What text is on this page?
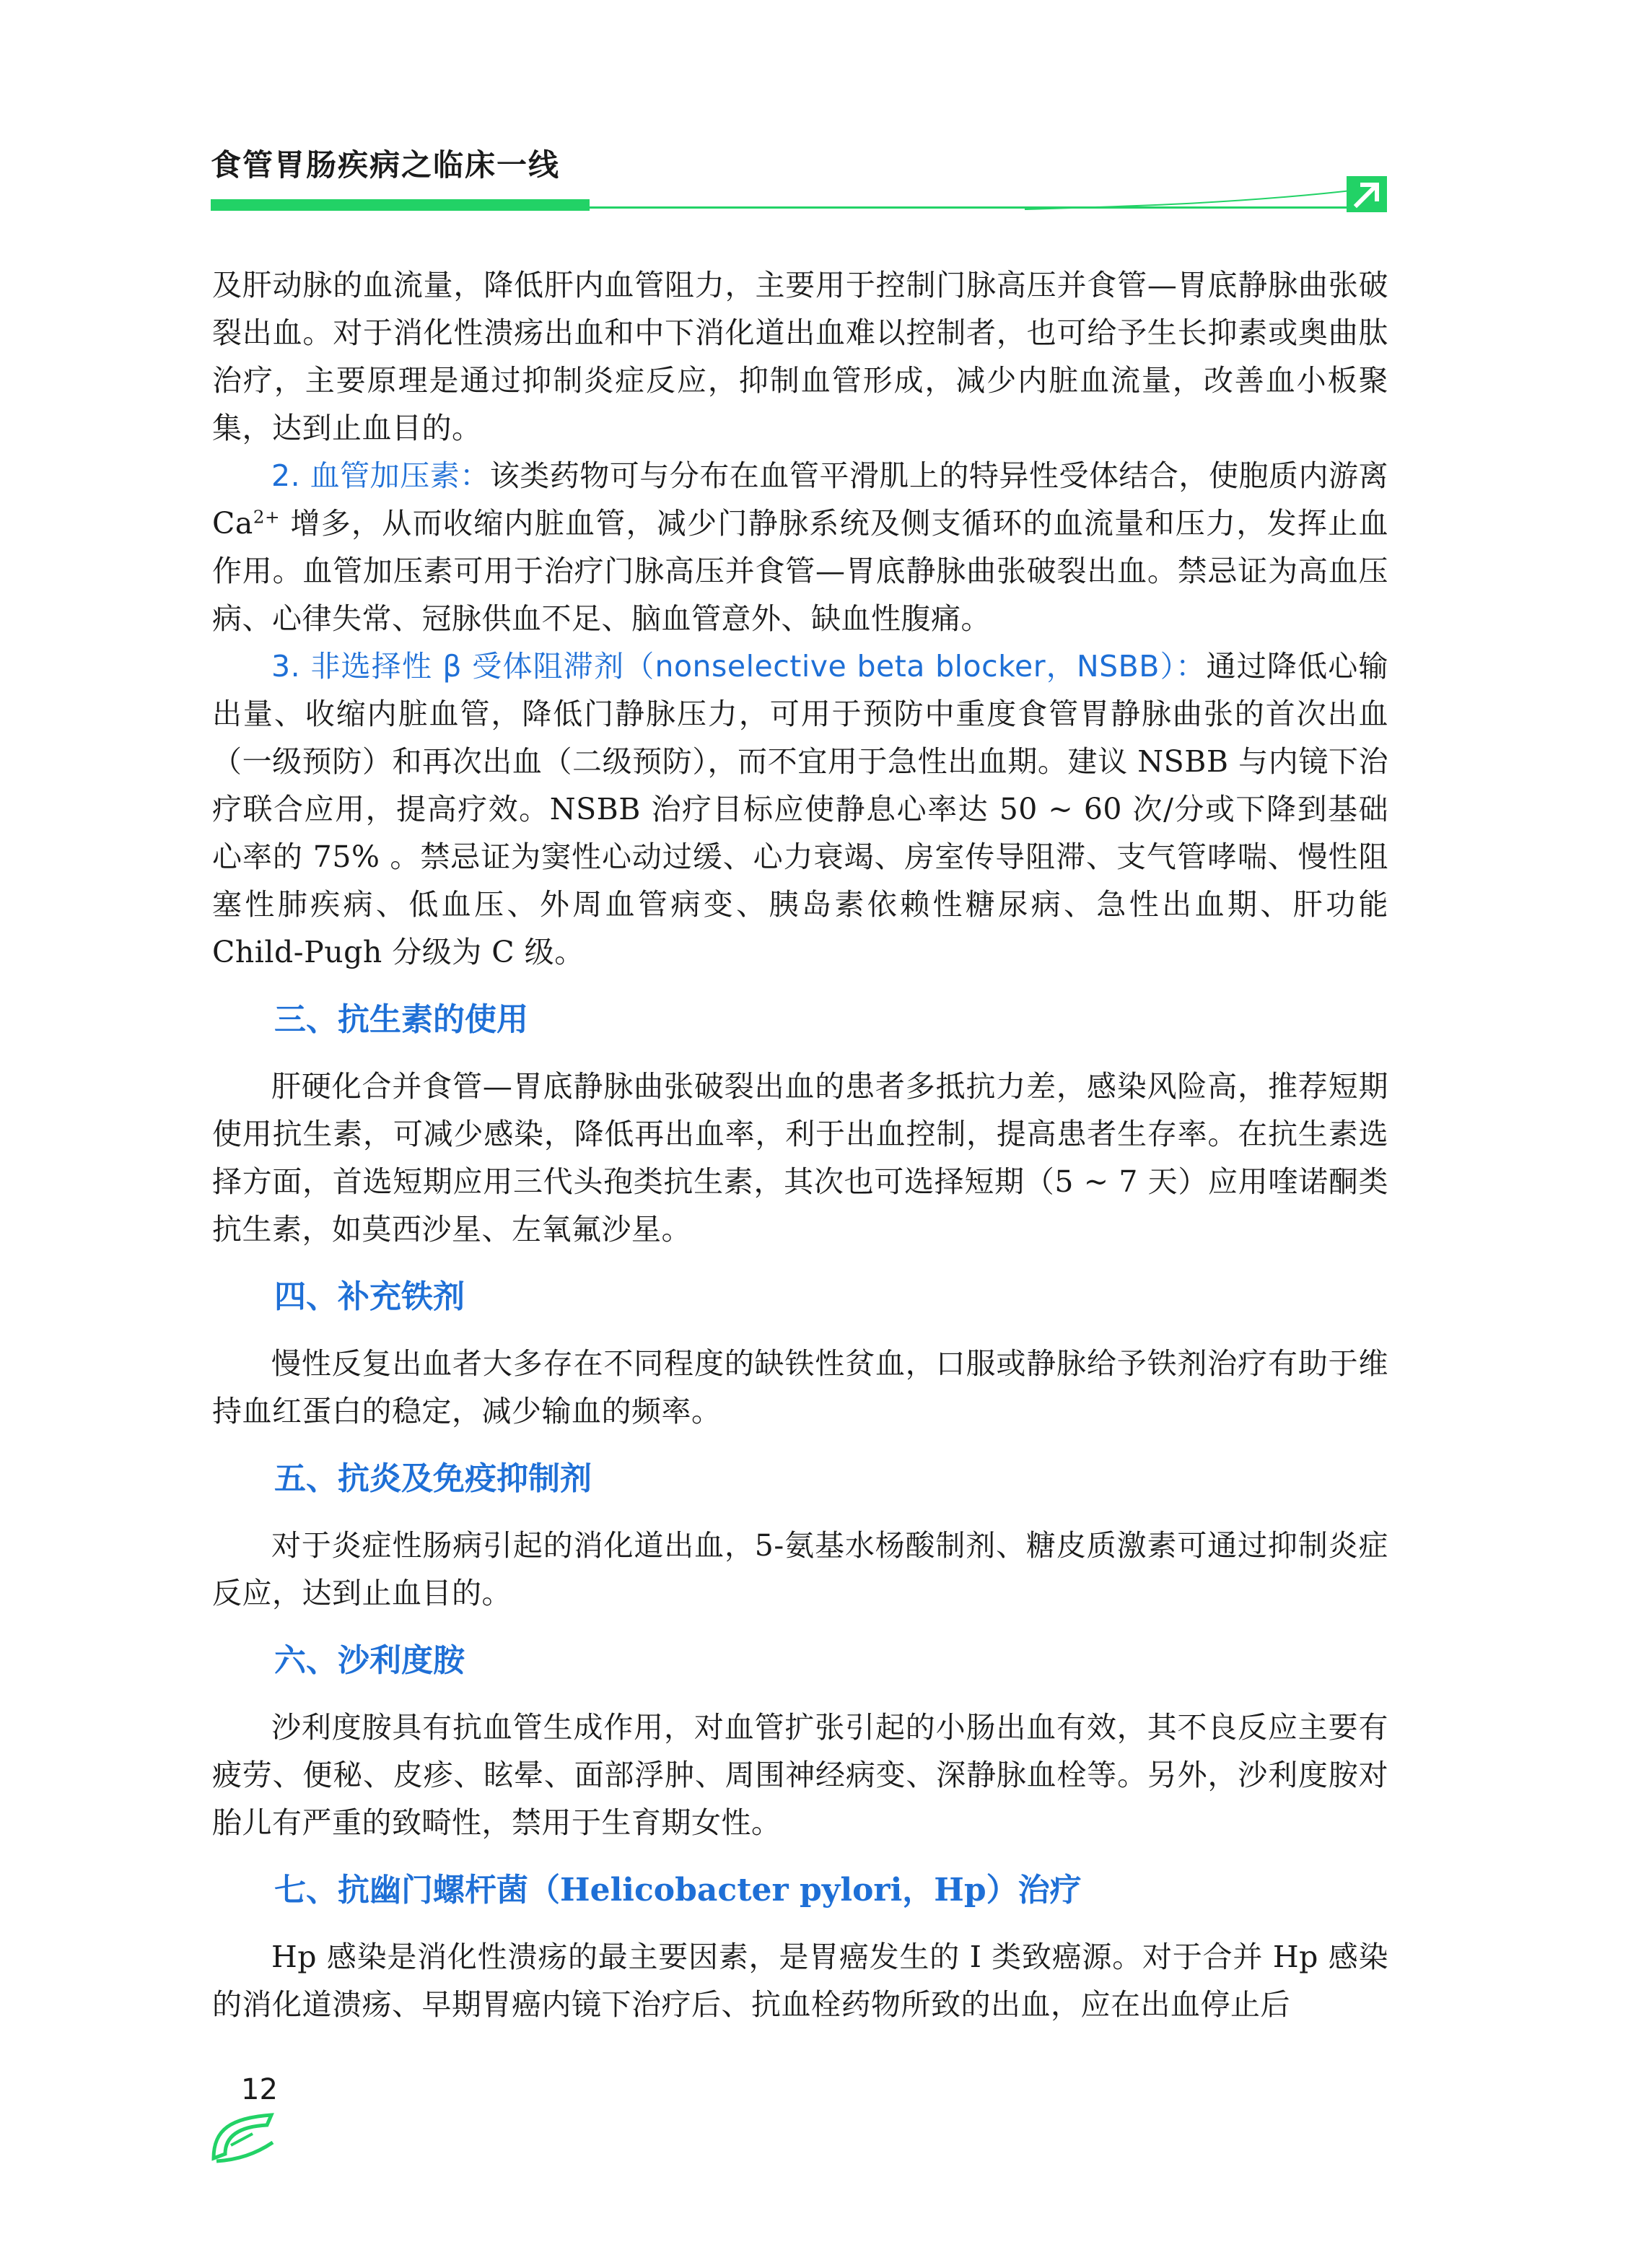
食管胃肠疾病之临床一线

及肝动脉的血流量，降低肝内血管阻力，主要用于控制门脉高压并食管—胃底静脉曲张破裂出血。对于消化性溃疡出血和中下消化道出血难以控制者，也可给予生长抑素或奥曲肽治疗，主要原理是通过抑制炎症反应，抑制血管形成，减少内脏血流量，改善血小板聚集，达到止血目的。

2. 血管加压素：该类药物可与分布在血管平滑肌上的特异性受体结合，使胞质内游离 $Ca^{2+}$ 增多，从而收缩内脏血管，减少门静脉系统及侧支循环的血流量和压力，发挥止血作用。血管加压素可用于治疗门脉高压并食管—胃底静脉曲张破裂出血。禁忌证为高血压病、心律失常、冠脉供血不足、脑血管意外、缺血性腹痛。

3. 非选择性 β 受体阻滞剂（nonselective beta blocker，NSBB）：通过降低心输出量、收缩内脏血管，降低门静脉压力，可用于预防中重度食管胃静脉曲张的首次出血（一级预防）和再次出血（二级预防），而不宜用于急性出血期。建议 NSBB 与内镜下治疗联合应用，提高疗效。NSBB 治疗目标应使静息心率达 50 ~ 60 次/分或下降到基础心率的 75% 。禁忌证为窦性心动过缓、心力衰竭、房室传导阻滞、支气管哮喘、慢性阻塞性肺疾病、低血压、外周血管病变、胰岛素依赖性糖尿病、急性出血期、肝功能 Child-Pugh 分级为 C 级。

三、抗生素的使用

肝硬化合并食管—胃底静脉曲张破裂出血的患者多抵抗力差，感染风险高，推荐短期使用抗生素，可减少感染，降低再出血率，利于出血控制，提高患者生存率。在抗生素选择方面，首选短期应用三代头孢类抗生素，其次也可选择短期（5 ~ 7 天）应用喹诺酮类抗生素，如莫西沙星、左氧氟沙星。

四、补充铁剂

慢性反复出血者大多存在不同程度的缺铁性贫血，口服或静脉给予铁剂治疗有助于维持血红蛋白的稳定，减少输血的频率。

五、抗炎及免疫抑制剂

对于炎症性肠病引起的消化道出血，5-氨基水杨酸制剂、糖皮质激素可通过抑制炎症反应，达到止血目的。

六、沙利度胺

沙利度胺具有抗血管生成作用，对血管扩张引起的小肠出血有效，其不良反应主要有疲劳、便秘、皮疹、眩晕、面部浮肿、周围神经病变、深静脉血栓等。另外，沙利度胺对胎儿有严重的致畸性，禁用于生育期女性。

七、抗幽门螺杆菌（Helicobacter pylori，Hp）治疗

Hp 感染是消化性溃疡的最主要因素，是胃癌发生的 I 类致癌源。对于合并 Hp 感染的消化道溃疡、早期胃癌内镜下治疗后、抗血栓药物所致的出血，应在出血停止后

12
